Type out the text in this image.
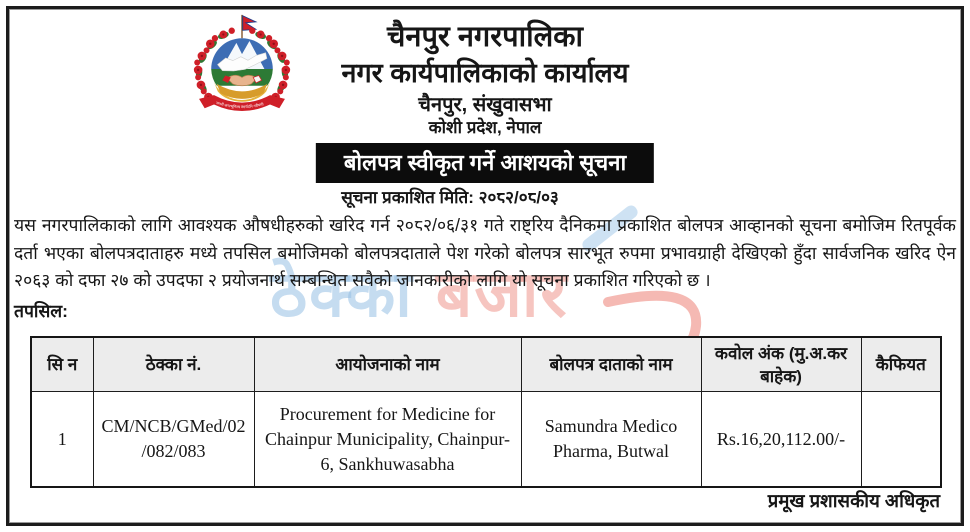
ठेक्का बजार
जननी जन्मभूमिश्च स्वर्गादपि गरीयसी
चैनपुर नगरपालिका
नगर कार्यपालिकाको कार्यालय
चैनपुर, संखुवासभा
कोशी प्रदेश, नेपाल
बोलपत्र स्वीकृत गर्ने आशयको सूचना
सूचना प्रकाशित मिति: २०८२/०८/०३
यस नगरपालिकाको लागि आवश्यक औषधीहरुको खरिद गर्न २०८२/०६/३१ गते राष्ट्रिय दैनिकमा प्रकाशित बोलपत्र आव्हानको सूचना बमोजिम रितपूर्वक दर्ता भएका बोलपत्रदाताहरु मध्ये तपसिल बमोजिमको बोलपत्रदाताले पेश गरेको बोलपत्र सारभूत रुपमा प्रभावग्राही देखिएको हुँदा सार्वजनिक खरिद ऐन २०६३ को दफा २७ को उपदफा २ प्रयोजनार्थ सम्बन्धित सवैको जानकारीको लागि यो सूचना प्रकाशित गरिएको छ ।
तपसिल:
सि न	ठेक्का नं.	आयोजनाको नाम	बोलपत्र दाताको नाम	कवोल अंक (मु.अ.कर बाहेक)	कैफियत
1	CM/NCB/GMed/02 /082/083	Procurement for Medicine for Chainpur Municipality, Chainpur-6, Sankhuwasabha	Samundra Medico Pharma, Butwal	Rs.16,20,112.00/-	
प्रमूख प्रशासकीय अधिकृत
